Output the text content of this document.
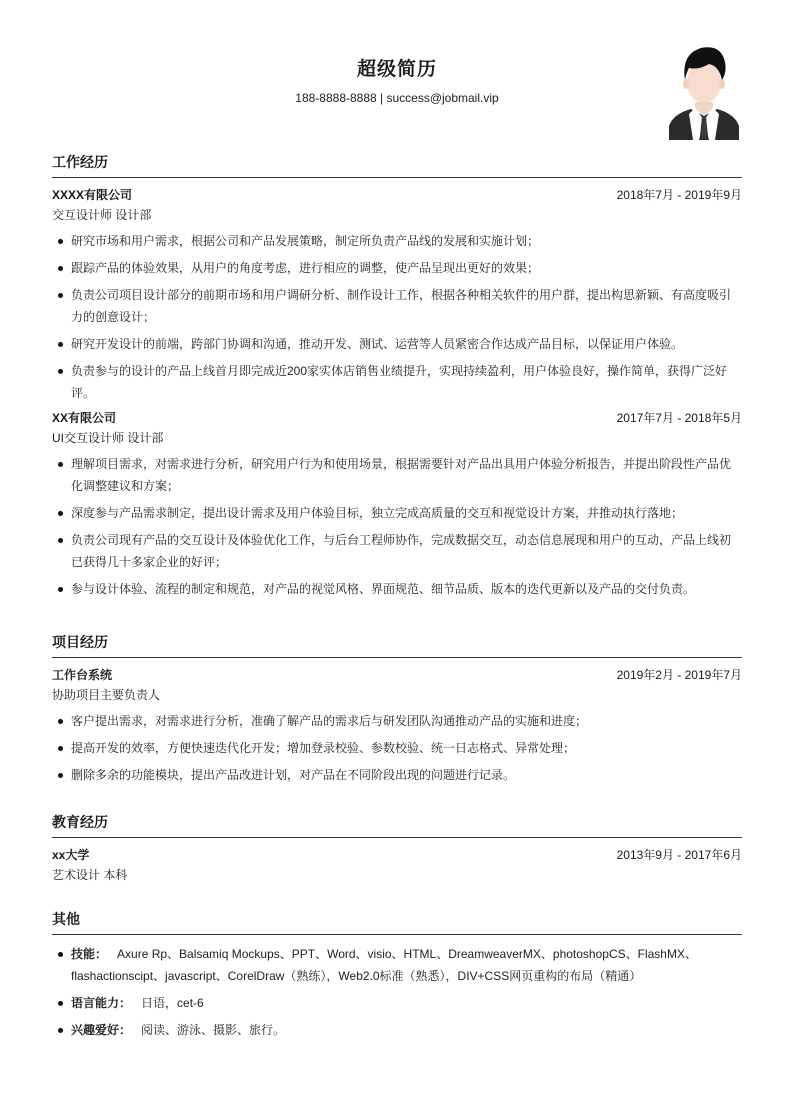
超级简历
188-8888-8888 | success@jobmail.vip
工作经历
XXXX有限公司	2018年7月 - 2019年9月
交互设计师 设计部
研究市场和用户需求，根据公司和产品发展策略，制定所负责产品线的发展和实施计划；
跟踪产品的体验效果，从用户的角度考虑，进行相应的调整，使产品呈现出更好的效果；
负责公司项目设计部分的前期市场和用户调研分析、制作设计工作，根据各种相关软件的用户群，提出构思新颖、有高度吸引力的创意设计；
研究开发设计的前端，跨部门协调和沟通，推动开发、测试、运营等人员紧密合作达成产品目标，以保证用户体验。
负责参与的设计的产品上线首月即完成近200家实体店销售业绩提升，实现持续盈利，用户体验良好，操作简单，获得广泛好评。
XX有限公司	2017年7月 - 2018年5月
UI交互设计师 设计部
理解项目需求，对需求进行分析，研究用户行为和使用场景，根据需要针对产品出具用户体验分析报告，并提出阶段性产品优化调整建议和方案；
深度参与产品需求制定，提出设计需求及用户体验目标，独立完成高质量的交互和视觉设计方案，并推动执行落地；
负责公司现有产品的交互设计及体验优化工作，与后台工程师协作，完成数据交互，动态信息展现和用户的互动，产品上线初已获得几十多家企业的好评；
参与设计体验、流程的制定和规范，对产品的视觉风格、界面规范、细节品质、版本的迭代更新以及产品的交付负责。
项目经历
工作台系统	2019年2月 - 2019年7月
协助项目主要负责人
客户提出需求，对需求进行分析，准确了解产品的需求后与研发团队沟通推动产品的实施和进度；
提高开发的效率，方便快速迭代化开发；增加登录校验、参数校验、统一日志格式、异常处理；
删除多余的功能模块，提出产品改进计划，对产品在不同阶段出现的问题进行记录。
教育经历
xx大学	2013年9月 - 2017年6月
艺术设计 本科
其他
技能： Axure Rp、Balsamiq Mockups、PPT、Word、visio、HTML、DreamweaverMX、photoshopCS、FlashMX、flashactionscipt、javascript、CorelDraw（熟练），Web2.0标准（熟悉），DIV+CSS网页重构的布局（精通）
语言能力： 日语，cet-6
兴趣爱好： 阅读、游泳、摄影、旅行。
